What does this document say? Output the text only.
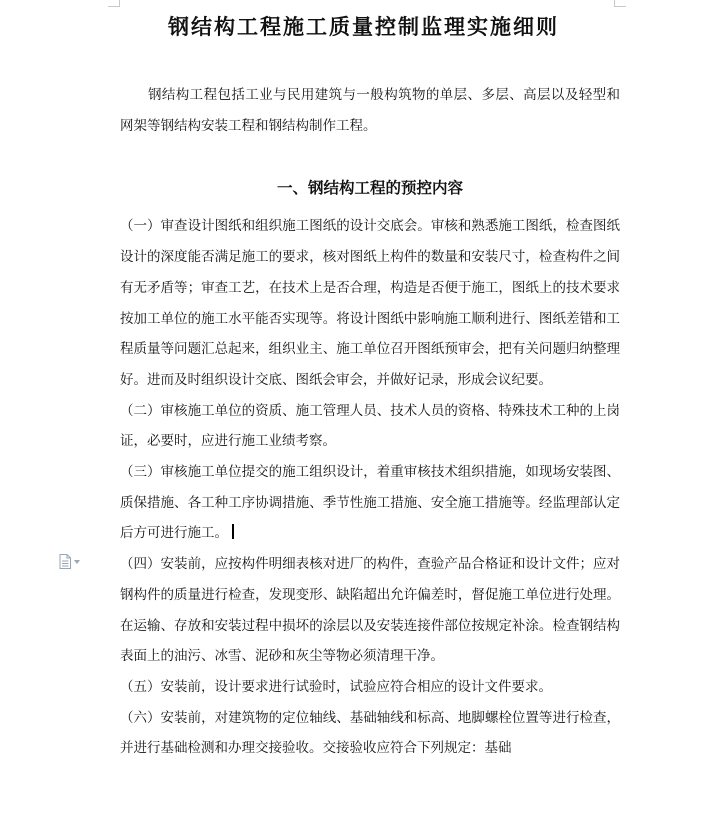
钢结构工程施工质量控制监理实施细则

钢结构工程包括工业与民用建筑与一般构筑物的单层、多层、高层以及轻型和网架等钢结构安装工程和钢结构制作工程。

一、钢结构工程的预控内容

（一）审查设计图纸和组织施工图纸的设计交底会。审核和熟悉施工图纸，检查图纸设计的深度能否满足施工的要求，核对图纸上构件的数量和安装尺寸，检查构件之间有无矛盾等；审查工艺，在技术上是否合理，构造是否便于施工，图纸上的技术要求按加工单位的施工水平能否实现等。将设计图纸中影响施工顺利进行、图纸差错和工程质量等问题汇总起来，组织业主、施工单位召开图纸预审会，把有关问题归纳整理好。进而及时组织设计交底、图纸会审会，并做好记录，形成会议纪要。

（二）审核施工单位的资质、施工管理人员、技术人员的资格、特殊技术工种的上岗证，必要时，应进行施工业绩考察。

（三）审核施工单位提交的施工组织设计，着重审核技术组织措施，如现场安装图、质保措施、各工种工序协调措施、季节性施工措施、安全施工措施等。经监理部认定后方可进行施工。

（四）安装前，应按构件明细表核对进厂的构件，查验产品合格证和设计文件；应对钢构件的质量进行检查，发现变形、缺陷超出允许偏差时，督促施工单位进行处理。在运输、存放和安装过程中损坏的涂层以及安装连接件部位按规定补涂。检查钢结构表面上的油污、冰雪、泥砂和灰尘等物必须清理干净。

（五）安装前，设计要求进行试验时，试验应符合相应的设计文件要求。

（六）安装前，对建筑物的定位轴线、基础轴线和标高、地脚螺栓位置等进行检查，并进行基础检测和办理交接验收。交接验收应符合下列规定：基础
